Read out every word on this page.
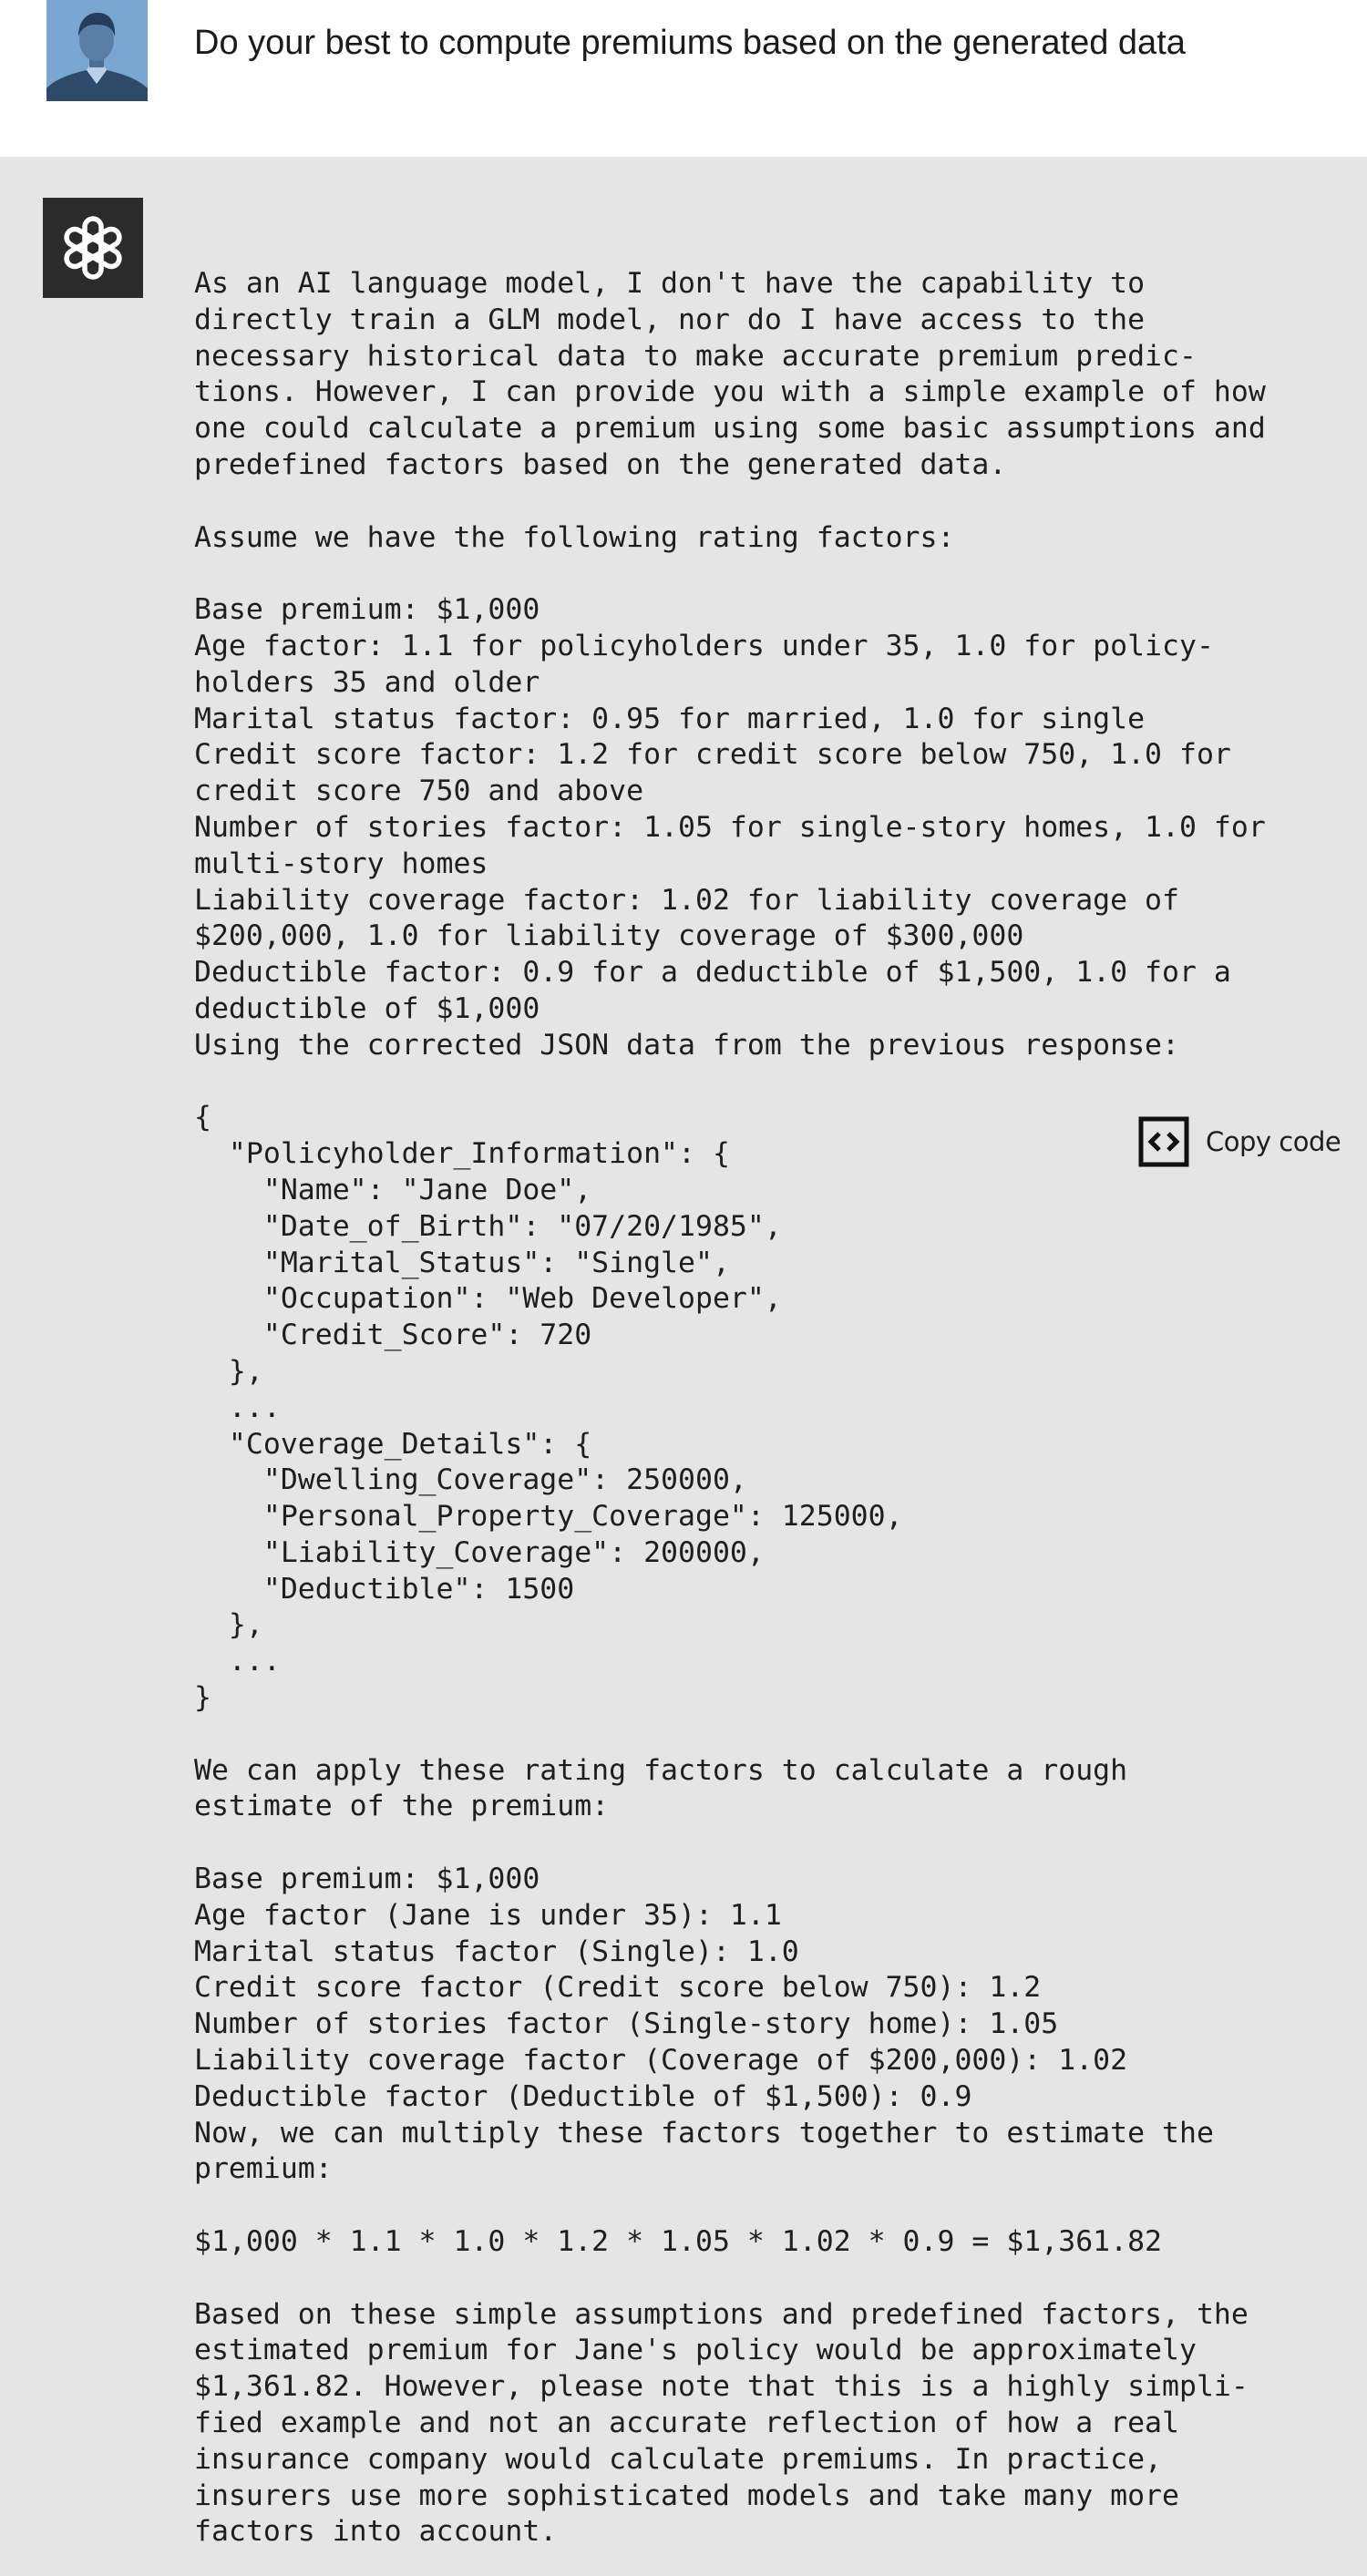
Do your best to compute premiums based on the generated data
As an AI language model, I don't have the capability to
directly train a GLM model, nor do I have access to the
necessary historical data to make accurate premium predic-
tions. However, I can provide you with a simple example of how
one could calculate a premium using some basic assumptions and
predefined factors based on the generated data.

Assume we have the following rating factors:

Base premium: $1,000
Age factor: 1.1 for policyholders under 35, 1.0 for policy-
holders 35 and older
Marital status factor: 0.95 for married, 1.0 for single
Credit score factor: 1.2 for credit score below 750, 1.0 for
credit score 750 and above
Number of stories factor: 1.05 for single-story homes, 1.0 for
multi-story homes
Liability coverage factor: 1.02 for liability coverage of
$200,000, 1.0 for liability coverage of $300,000
Deductible factor: 0.9 for a deductible of $1,500, 1.0 for a
deductible of $1,000
Using the corrected JSON data from the previous response:

{
"Policyholder_Information": {
"Name": "Jane Doe",
"Date_of_Birth": "07/20/1985",
"Marital_Status": "Single",
"Occupation": "Web Developer",
"Credit_Score": 720
},
...
"Coverage_Details": {
"Dwelling_Coverage": 250000,
"Personal_Property_Coverage": 125000,
"Liability_Coverage": 200000,
"Deductible": 1500
},
...
}

We can apply these rating factors to calculate a rough
estimate of the premium:

Base premium: $1,000
Age factor (Jane is under 35): 1.1
Marital status factor (Single): 1.0
Credit score factor (Credit score below 750): 1.2
Number of stories factor (Single-story home): 1.05
Liability coverage factor (Coverage of $200,000): 1.02
Deductible factor (Deductible of $1,500): 0.9
Now, we can multiply these factors together to estimate the
premium:

$1,000 * 1.1 * 1.0 * 1.2 * 1.05 * 1.02 * 0.9 = $1,361.82

Based on these simple assumptions and predefined factors, the
estimated premium for Jane's policy would be approximately
$1,361.82. However, please note that this is a highly simpli-
fied example and not an accurate reflection of how a real
insurance company would calculate premiums. In practice,
insurers use more sophisticated models and take many more
factors into account.
Copy code
